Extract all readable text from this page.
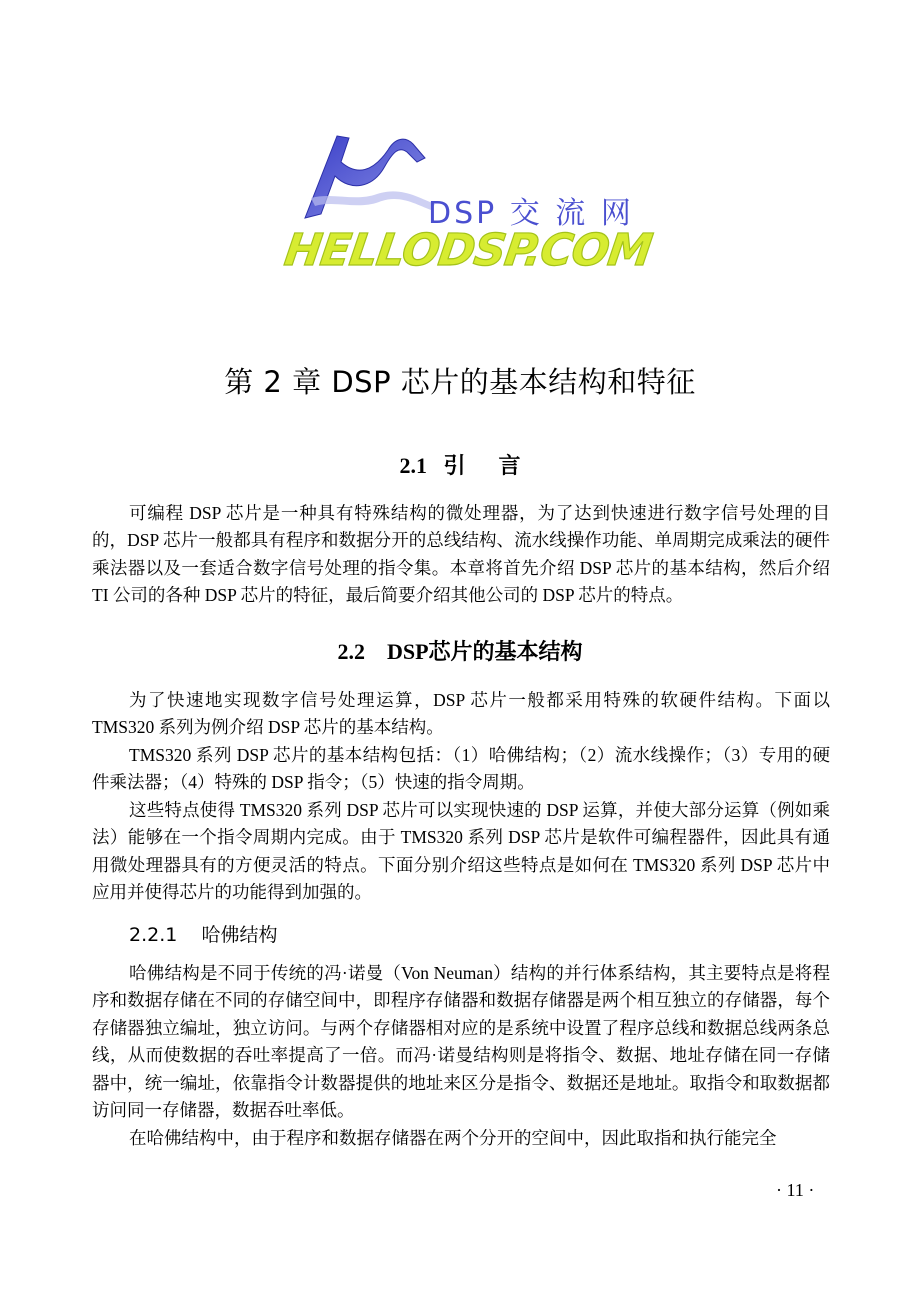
DSP 交 流 网
HELLODSP.COM
第 2 章 DSP 芯片的基本结构和特征
2.1   引      言

可编程 DSP 芯片是一种具有特殊结构的微处理器，为了达到快速进行数字信号处理的目的，DSP 芯片一般都具有程序和数据分开的总线结构、流水线操作功能、单周期完成乘法的硬件乘法器以及一套适合数字信号处理的指令集。本章将首先介绍 DSP 芯片的基本结构，然后介绍 TI 公司的各种 DSP 芯片的特征，最后简要介绍其他公司的 DSP 芯片的特点。

2.2    DSP芯片的基本结构

为了快速地实现数字信号处理运算，DSP 芯片一般都采用特殊的软硬件结构。下面以 TMS320 系列为例介绍 DSP 芯片的基本结构。

TMS320 系列 DSP 芯片的基本结构包括：（1）哈佛结构；（2）流水线操作；（3）专用的硬件乘法器；（4）特殊的 DSP 指令；（5）快速的指令周期。

这些特点使得 TMS320 系列 DSP 芯片可以实现快速的 DSP 运算，并使大部分运算（例如乘法）能够在一个指令周期内完成。由于 TMS320 系列 DSP 芯片是软件可编程器件，因此具有通用微处理器具有的方便灵活的特点。下面分别介绍这些特点是如何在 TMS320 系列 DSP 芯片中应用并使得芯片的功能得到加强的。

2.2.1    哈佛结构

哈佛结构是不同于传统的冯·诺曼（Von Neuman）结构的并行体系结构，其主要特点是将程序和数据存储在不同的存储空间中，即程序存储器和数据存储器是两个相互独立的存储器，每个存储器独立编址，独立访问。与两个存储器相对应的是系统中设置了程序总线和数据总线两条总线，从而使数据的吞吐率提高了一倍。而冯·诺曼结构则是将指令、数据、地址存储在同一存储器中，统一编址，依靠指令计数器提供的地址来区分是指令、数据还是地址。取指令和取数据都访问同一存储器，数据吞吐率低。

在哈佛结构中，由于程序和数据存储器在两个分开的空间中，因此取指和执行能完全

· 11 ·
